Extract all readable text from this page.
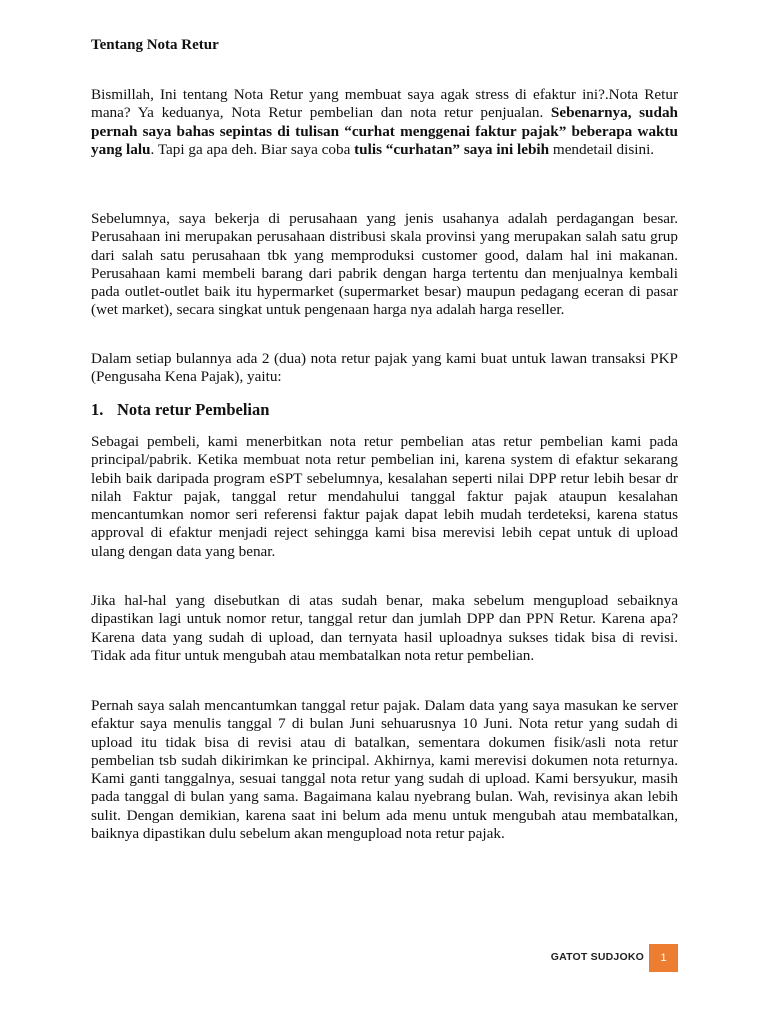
Tentang Nota Retur

Bismillah, Ini tentang Nota Retur yang membuat saya agak stress di efaktur ini?.Nota Retur mana? Ya keduanya, Nota Retur pembelian dan nota retur penjualan. Sebenarnya, sudah pernah saya bahas sepintas di tulisan “curhat menggenai faktur pajak” beberapa waktu yang lalu. Tapi ga apa deh. Biar saya coba tulis “curhatan” saya ini lebih mendetail disini.

Sebelumnya, saya bekerja di perusahaan yang jenis usahanya adalah perdagangan besar. Perusahaan ini merupakan perusahaan distribusi skala provinsi yang merupakan salah satu grup dari salah satu perusahaan tbk yang memproduksi customer good, dalam hal ini makanan. Perusahaan kami membeli barang dari pabrik dengan harga tertentu dan menjualnya kembali pada outlet-outlet baik itu hypermarket (supermarket besar) maupun pedagang eceran di pasar (wet market), secara singkat untuk pengenaan harga nya adalah harga reseller.

Dalam setiap bulannya ada 2 (dua) nota retur pajak yang kami buat untuk lawan transaksi PKP (Pengusaha Kena Pajak), yaitu:

1. Nota retur Pembelian

Sebagai pembeli, kami menerbitkan nota retur pembelian atas retur pembelian kami pada principal/pabrik. Ketika membuat nota retur pembelian ini, karena system di efaktur sekarang lebih baik daripada program eSPT sebelumnya, kesalahan seperti nilai DPP retur lebih besar dr nilah Faktur pajak, tanggal retur mendahului tanggal faktur pajak ataupun kesalahan mencantumkan nomor seri referensi faktur pajak dapat lebih mudah terdeteksi, karena status approval di efaktur menjadi reject sehingga kami bisa merevisi lebih cepat untuk di upload ulang dengan data yang benar.

Jika hal-hal yang disebutkan di atas sudah benar, maka sebelum mengupload sebaiknya dipastikan lagi untuk nomor retur, tanggal retur dan jumlah DPP dan PPN Retur. Karena apa? Karena data yang sudah di upload, dan ternyata hasil uploadnya sukses tidak bisa di revisi. Tidak ada fitur untuk mengubah atau membatalkan nota retur pembelian.

Pernah saya salah mencantumkan tanggal retur pajak. Dalam data yang saya masukan ke server efaktur saya menulis tanggal 7 di bulan Juni sehuarusnya 10 Juni. Nota retur yang sudah di upload itu tidak bisa di revisi atau di batalkan, sementara dokumen fisik/asli nota retur pembelian tsb sudah dikirimkan ke principal. Akhirnya, kami merevisi dokumen nota returnya. Kami ganti tanggalnya, sesuai tanggal nota retur yang sudah di upload. Kami bersyukur, masih pada tanggal di bulan yang sama. Bagaimana kalau nyebrang bulan. Wah, revisinya akan lebih sulit. Dengan demikian, karena saat ini belum ada menu untuk mengubah atau membatalkan, baiknya dipastikan dulu sebelum akan mengupload nota retur pajak.

GATOT SUDJOKO	1
